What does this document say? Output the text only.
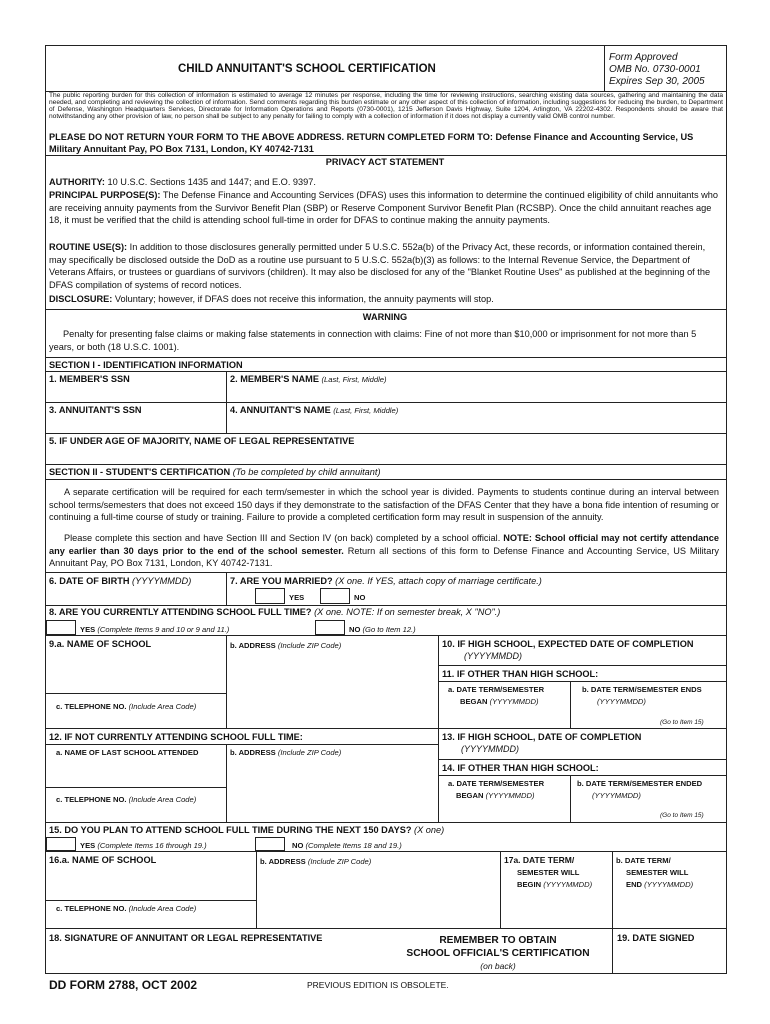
CHILD ANNUITANT'S SCHOOL CERTIFICATION
Form Approved
OMB No. 0730-0001
Expires Sep 30, 2005
The public reporting burden for this collection of information is estimated to average 12 minutes per response, including the time for reviewing instructions, searching existing data sources, gathering and maintaining the data needed, and completing and reviewing the collection of information. Send comments regarding this burden estimate or any other aspect of this collection of information, including suggestions for reducing the burden, to Department of Defense, Washington Headquarters Services, Directorate for Information Operations and Reports (0730-0001), 1215 Jefferson Davis Highway, Suite 1204, Arlington, VA 22202-4302. Respondents should be aware that notwithstanding any other provision of law, no person shall be subject to any penalty for failing to comply with a collection of information if it does not display a currently valid OMB control number.
PLEASE DO NOT RETURN YOUR FORM TO THE ABOVE ADDRESS. RETURN COMPLETED FORM TO: Defense Finance and Accounting Service, US Military Annuitant Pay, PO Box 7131, London, KY 40742-7131
PRIVACY ACT STATEMENT
AUTHORITY: 10 U.S.C. Sections 1435 and 1447; and E.O. 9397.
PRINCIPAL PURPOSE(S): The Defense Finance and Accounting Services (DFAS) uses this information to determine the continued eligibility of child annuitants who are receiving annuity payments from the Survivor Benefit Plan (SBP) or Reserve Component Survivor Benefit Plan (RCSBP). Once the child annuitant reaches age 18, it must be verified that the child is attending school full-time in order for DFAS to continue making the annuity payments.
ROUTINE USE(S): In addition to those disclosures generally permitted under 5 U.S.C. 552a(b) of the Privacy Act, these records, or information contained therein, may specifically be disclosed outside the DoD as a routine use pursuant to 5 U.S.C. 552a(b)(3) as follows: to the Internal Revenue Service, the Department of Veterans Affairs, or trustees or guardians of survivors (children). It may also be disclosed for any of the "Blanket Routine Uses" as published at the beginning of the DFAS compilation of systems of record notices.
DISCLOSURE: Voluntary; however, if DFAS does not receive this information, the annuity payments will stop.
WARNING
Penalty for presenting false claims or making false statements in connection with claims: Fine of not more than $10,000 or imprisonment for not more than 5 years, or both (18 U.S.C. 1001).
SECTION I - IDENTIFICATION INFORMATION
1. MEMBER'S SSN	2. MEMBER'S NAME (Last, First, Middle)
3. ANNUITANT'S SSN	4. ANNUITANT'S NAME (Last, First, Middle)
5. IF UNDER AGE OF MAJORITY, NAME OF LEGAL REPRESENTATIVE
SECTION II - STUDENT'S CERTIFICATION (To be completed by child annuitant)
A separate certification will be required for each term/semester in which the school year is divided. Payments to students continue during an interval between school terms/semesters that does not exceed 150 days if they demonstrate to the satisfaction of the DFAS Center that they have a bona fide intention of resuming or continuing a full-time course of study or training. Failure to provide a completed certification form may result in suspension of the annuity.
Please complete this section and have Section III and Section IV (on back) completed by a school official. NOTE: School official may not certify attendance any earlier than 30 days prior to the end of the school semester. Return all sections of this form to Defense Finance and Accounting Service, US Military Annuitant Pay, PO Box 7131, London, KY 40742-7131.
6. DATE OF BIRTH (YYYYMMDD)	7. ARE YOU MARRIED? (X one. If YES, attach copy of marriage certificate.)
YES	NO
8. ARE YOU CURRENTLY ATTENDING SCHOOL FULL TIME? (X one. NOTE: If on semester break, X "NO".)
YES (Complete Items 9 and 10 or 9 and 11.)	NO (Go to Item 12.)
9.a. NAME OF SCHOOL	b. ADDRESS (Include ZIP Code)
c. TELEPHONE NO. (Include Area Code)
10. IF HIGH SCHOOL, EXPECTED DATE OF COMPLETION
(YYYYMMDD)
11. IF OTHER THAN HIGH SCHOOL:
a. DATE TERM/SEMESTER
BEGAN (YYYYMMDD)
b. DATE TERM/SEMESTER ENDS
(YYYYMMDD)
(Go to Item 15)
12. IF NOT CURRENTLY ATTENDING SCHOOL FULL TIME:
a. NAME OF LAST SCHOOL ATTENDED	b. ADDRESS (Include ZIP Code)
c. TELEPHONE NO. (Include Area Code)
13. IF HIGH SCHOOL, DATE OF COMPLETION
(YYYYMMDD)
14. IF OTHER THAN HIGH SCHOOL:
a. DATE TERM/SEMESTER
BEGAN (YYYYMMDD)
b. DATE TERM/SEMESTER ENDED
(YYYYMMDD)
(Go to Item 15)
15. DO YOU PLAN TO ATTEND SCHOOL FULL TIME DURING THE NEXT 150 DAYS? (X one)
YES (Complete Items 16 through 19.)	NO (Complete Items 18 and 19.)
16.a. NAME OF SCHOOL	b. ADDRESS (Include ZIP Code)
c. TELEPHONE NO. (Include Area Code)
17a. DATE TERM/
SEMESTER WILL
BEGIN (YYYYMMDD)
b. DATE TERM/
SEMESTER WILL
END (YYYYMMDD)
18. SIGNATURE OF ANNUITANT OR LEGAL REPRESENTATIVE	REMEMBER TO OBTAIN
SCHOOL OFFICIAL'S CERTIFICATION
(on back)
19. DATE SIGNED
DD FORM 2788, OCT 2002	PREVIOUS EDITION IS OBSOLETE.
